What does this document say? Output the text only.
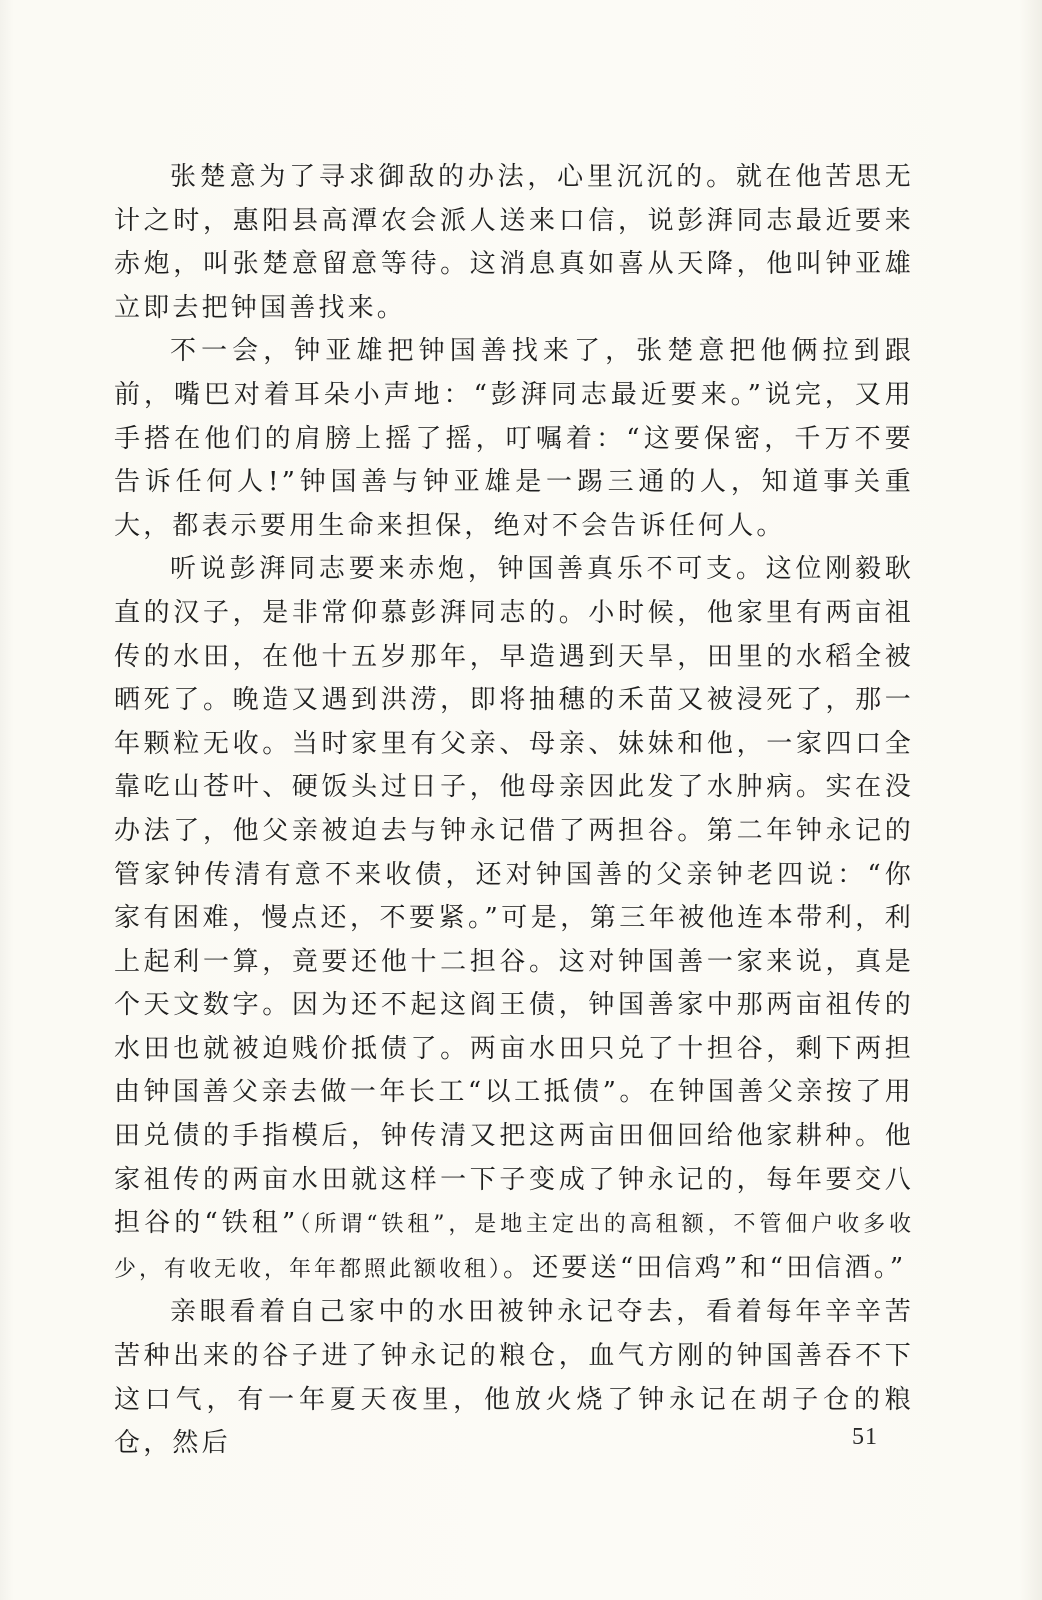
张楚意为了寻求御敌的办法，心里沉沉的。就在他苦思无计之时，惠阳县高潭农会派人送来口信，说彭湃同志最近要来赤炮，叫张楚意留意等待。这消息真如喜从天降，他叫钟亚雄立即去把钟国善找来。

不一会，钟亚雄把钟国善找来了，张楚意把他俩拉到跟前，嘴巴对着耳朵小声地：“彭湃同志最近要来。”说完，又用手搭在他们的肩膀上摇了摇，叮嘱着：“这要保密，千万不要告诉任何人!”钟国善与钟亚雄是一踢三通的人，知道事关重大，都表示要用生命来担保，绝对不会告诉任何人。

听说彭湃同志要来赤炮，钟国善真乐不可支。这位刚毅耿直的汉子，是非常仰慕彭湃同志的。小时候，他家里有两亩祖传的水田，在他十五岁那年，早造遇到天旱，田里的水稻全被晒死了。晚造又遇到洪涝，即将抽穗的禾苗又被浸死了，那一年颗粒无收。当时家里有父亲、母亲、妹妹和他，一家四口全靠吃山苍叶、硬饭头过日子，他母亲因此发了水肿病。实在没办法了，他父亲被迫去与钟永记借了两担谷。第二年钟永记的管家钟传清有意不来收债，还对钟国善的父亲钟老四说：“你家有困难，慢点还，不要紧。”可是，第三年被他连本带利，利上起利一算，竟要还他十二担谷。这对钟国善一家来说，真是个天文数字。因为还不起这阎王债，钟国善家中那两亩祖传的水田也就被迫贱价抵债了。两亩水田只兑了十担谷，剩下两担由钟国善父亲去做一年长工“以工抵债”。在钟国善父亲按了用田兑债的手指模后，钟传清又把这两亩田佃回给他家耕种。他家祖传的两亩水田就这样一下子变成了钟永记的，每年要交八担谷的“铁租”（所谓“铁租”，是地主定出的高租额，不管佃户收多收少，有收无收，年年都照此额收租）。还要送“田信鸡”和“田信酒。”

亲眼看着自己家中的水田被钟永记夺去，看着每年辛辛苦苦种出来的谷子进了钟永记的粮仓，血气方刚的钟国善吞不下这口气，有一年夏天夜里，他放火烧了钟永记在胡子仓的粮仓，然后	51
